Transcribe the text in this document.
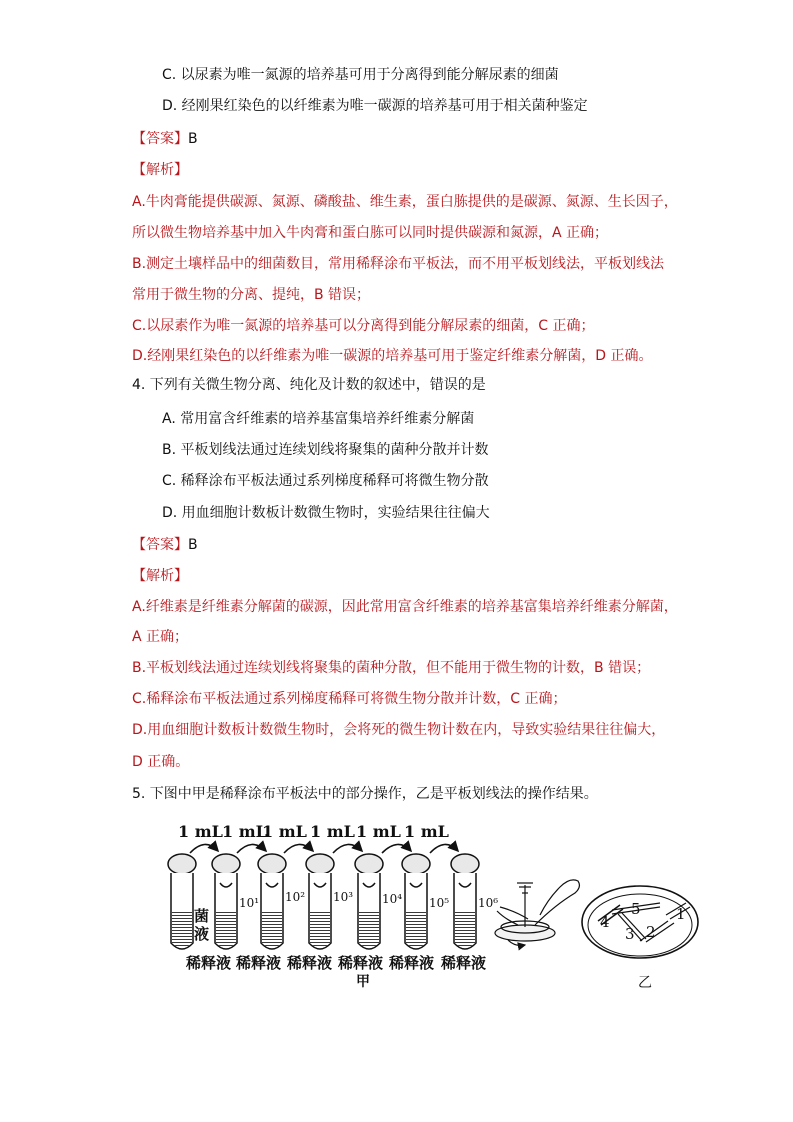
C. 以尿素为唯一氮源的培养基可用于分离得到能分解尿素的细菌
D. 经刚果红染色的以纤维素为唯一碳源的培养基可用于相关菌种鉴定
【答案】B
【解析】
A.牛肉膏能提供碳源、氮源、磷酸盐、维生素，蛋白胨提供的是碳源、氮源、生长因子，
所以微生物培养基中加入牛肉膏和蛋白胨可以同时提供碳源和氮源，A 正确；
B.测定土壤样品中的细菌数目，常用稀释涂布平板法，而不用平板划线法，平板划线法
常用于微生物的分离、提纯，B 错误；
C.以尿素作为唯一氮源的培养基可以分离得到能分解尿素的细菌，C 正确；
D.经刚果红染色的以纤维素为唯一碳源的培养基可用于鉴定纤维素分解菌，D 正确。
4. 下列有关微生物分离、纯化及计数的叙述中，错误的是
A. 常用富含纤维素的培养基富集培养纤维素分解菌
B. 平板划线法通过连续划线将聚集的菌种分散并计数
C. 稀释涂布平板法通过系列梯度稀释可将微生物分散
D. 用血细胞计数板计数微生物时，实验结果往往偏大
【答案】B
【解析】
A.纤维素是纤维素分解菌的碳源，因此常用富含纤维素的培养基富集培养纤维素分解菌，
A 正确；
B.平板划线法通过连续划线将聚集的菌种分散，但不能用于微生物的计数，B 错误；
C.稀释涂布平板法通过系列梯度稀释可将微生物分散并计数，C 正确；
D.用血细胞计数板计数微生物时，会将死的微生物计数在内，导致实验结果往往偏大，
D 正确。
5. 下图中甲是稀释涂布平板法中的部分操作，乙是平板划线法的操作结果。
1 mL 1 mL
1 mL 1 mL 1 mL 1 mL
菌
液
10¹ 10² 10³ 10⁴ 10⁵ 10⁶
稀释液 稀释液 稀释液 稀释液 稀释液 稀释液
甲
1
2
3
4
5
乙
